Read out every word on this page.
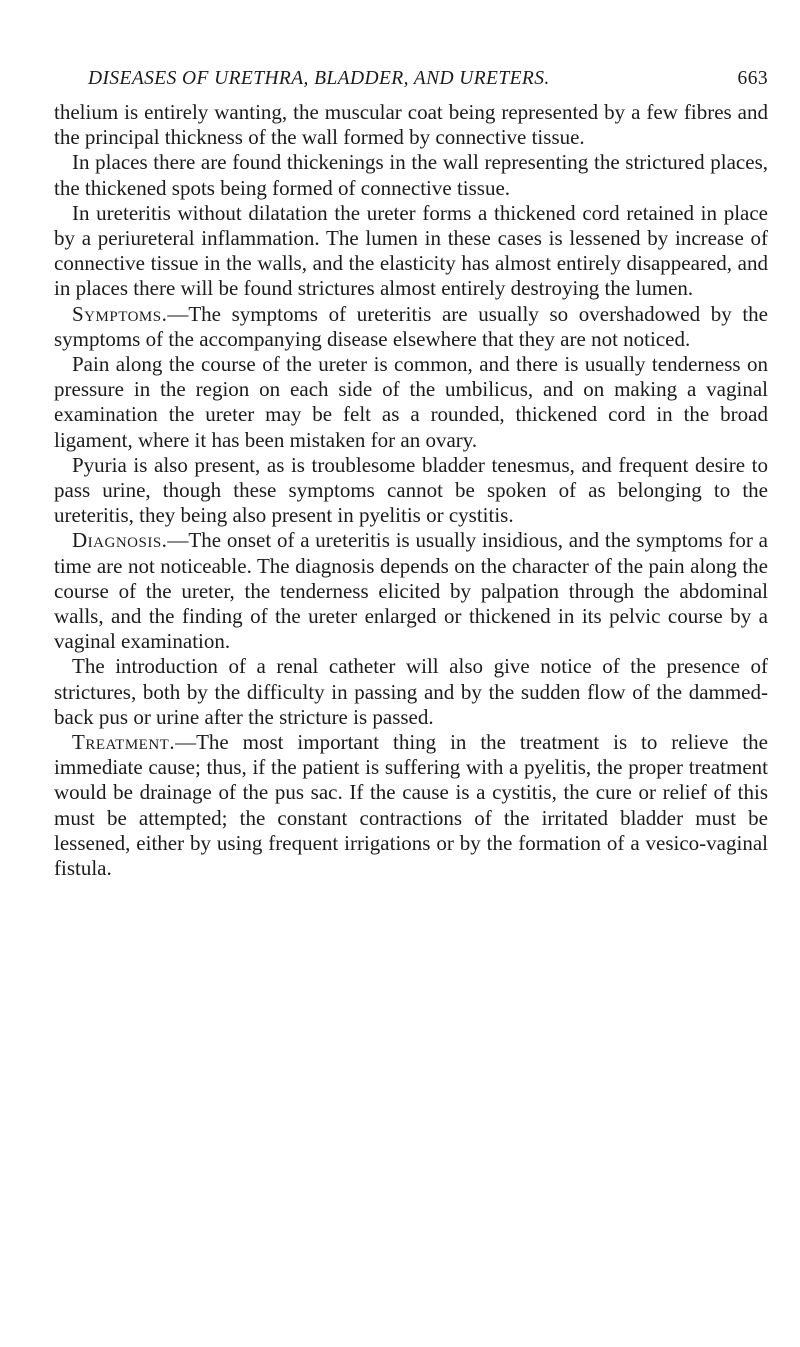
DISEASES OF URETHRA, BLADDER, AND URETERS.	663

thelium is entirely wanting, the muscular coat being represented by a few fibres and the principal thickness of the wall formed by connective tissue.

In places there are found thickenings in the wall representing the strictured places, the thickened spots being formed of connective tissue.

In ureteritis without dilatation the ureter forms a thickened cord retained in place by a periureteral inflammation. The lumen in these cases is lessened by increase of connective tissue in the walls, and the elasticity has almost entirely disappeared, and in places there will be found strictures almost entirely destroying the lumen.

Symptoms.—The symptoms of ureteritis are usually so overshadowed by the symptoms of the accompanying disease elsewhere that they are not noticed.

Pain along the course of the ureter is common, and there is usually tenderness on pressure in the region on each side of the umbilicus, and on making a vaginal examination the ureter may be felt as a rounded, thickened cord in the broad ligament, where it has been mistaken for an ovary.

Pyuria is also present, as is troublesome bladder tenesmus, and frequent desire to pass urine, though these symptoms cannot be spoken of as belonging to the ureteritis, they being also present in pyelitis or cystitis.

Diagnosis.—The onset of a ureteritis is usually insidious, and the symptoms for a time are not noticeable. The diagnosis depends on the character of the pain along the course of the ureter, the tenderness elicited by palpation through the abdominal walls, and the finding of the ureter enlarged or thickened in its pelvic course by a vaginal examination.

The introduction of a renal catheter will also give notice of the presence of strictures, both by the difficulty in passing and by the sudden flow of the dammed-back pus or urine after the stricture is passed.

Treatment.—The most important thing in the treatment is to relieve the immediate cause; thus, if the patient is suffering with a pyelitis, the proper treatment would be drainage of the pus sac. If the cause is a cystitis, the cure or relief of this must be attempted; the constant contractions of the irritated bladder must be lessened, either by using frequent irrigations or by the formation of a vesico-vaginal fistula.
